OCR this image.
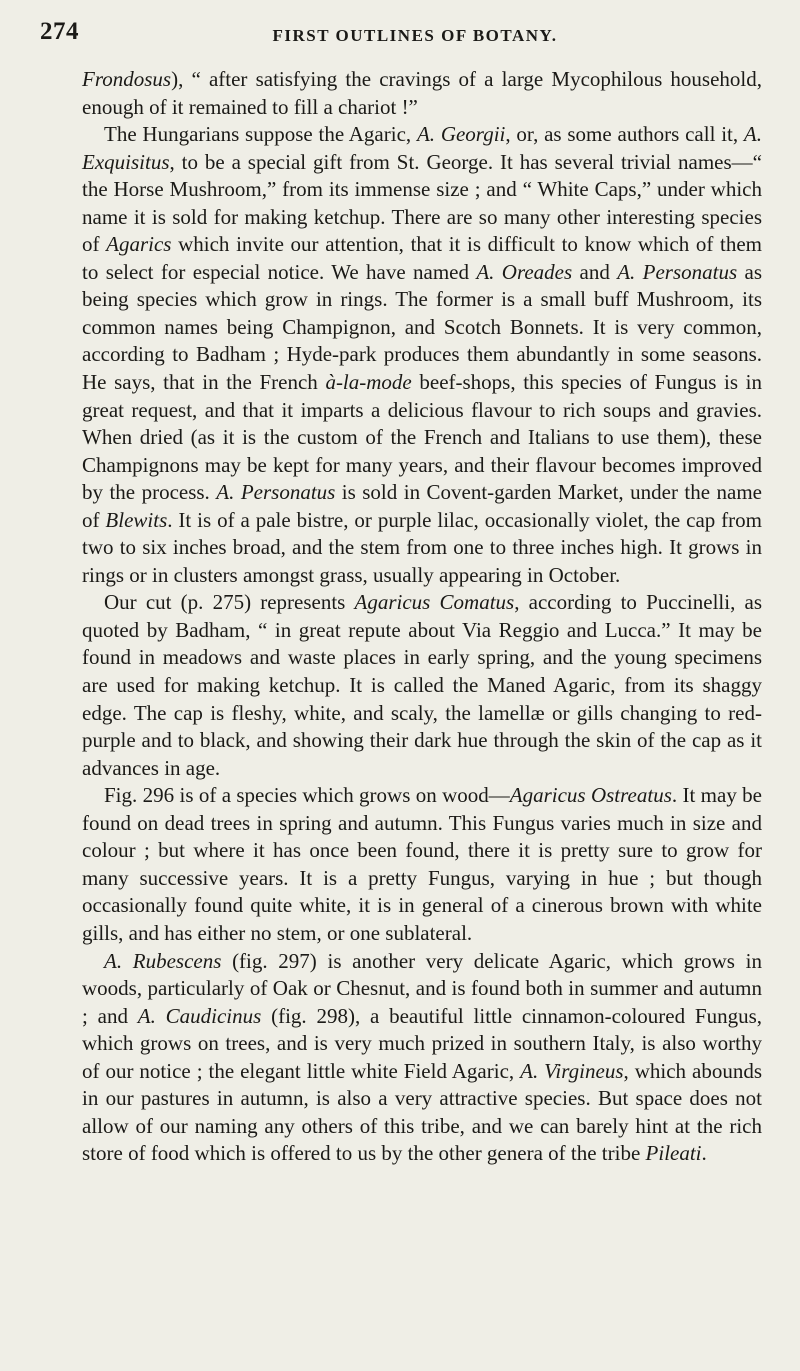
274	FIRST OUTLINES OF BOTANY.

Frondosus), “ after satisfying the cravings of a large Mycophilous household, enough of it remained to fill a chariot !”

The Hungarians suppose the Agaric, A. Georgii, or, as some authors call it, A. Exquisitus, to be a special gift from St. George. It has several trivial names—“ the Horse Mushroom,” from its immense size ; and “ White Caps,” under which name it is sold for making ketchup. There are so many other interesting species of Agarics which invite our attention, that it is difficult to know which of them to select for especial notice. We have named A. Oreades and A. Personatus as being species which grow in rings. The former is a small buff Mushroom, its common names being Champignon, and Scotch Bonnets. It is very common, according to Badham ; Hyde-park produces them abundantly in some seasons. He says, that in the French à-la-mode beef-shops, this species of Fungus is in great request, and that it imparts a delicious flavour to rich soups and gravies. When dried (as it is the custom of the French and Italians to use them), these Champignons may be kept for many years, and their flavour becomes improved by the process. A. Personatus is sold in Covent-garden Market, under the name of Blewits. It is of a pale bistre, or purple lilac, occasionally violet, the cap from two to six inches broad, and the stem from one to three inches high. It grows in rings or in clusters amongst grass, usually appearing in October.

Our cut (p. 275) represents Agaricus Comatus, according to Puccinelli, as quoted by Badham, “ in great repute about Via Reggio and Lucca.” It may be found in meadows and waste places in early spring, and the young specimens are used for making ketchup. It is called the Maned Agaric, from its shaggy edge. The cap is fleshy, white, and scaly, the lamellæ or gills changing to red-purple and to black, and showing their dark hue through the skin of the cap as it advances in age.

Fig. 296 is of a species which grows on wood—Agaricus Ostreatus. It may be found on dead trees in spring and autumn. This Fungus varies much in size and colour ; but where it has once been found, there it is pretty sure to grow for many successive years. It is a pretty Fungus, varying in hue ; but though occasionally found quite white, it is in general of a cinerous brown with white gills, and has either no stem, or one sublateral.

A. Rubescens (fig. 297) is another very delicate Agaric, which grows in woods, particularly of Oak or Chesnut, and is found both in summer and autumn ; and A. Caudicinus (fig. 298), a beautiful little cinnamon-coloured Fungus, which grows on trees, and is very much prized in southern Italy, is also worthy of our notice ; the elegant little white Field Agaric, A. Virgineus, which abounds in our pastures in autumn, is also a very attractive species. But space does not allow of our naming any others of this tribe, and we can barely hint at the rich store of food which is offered to us by the other genera of the tribe Pileati.
